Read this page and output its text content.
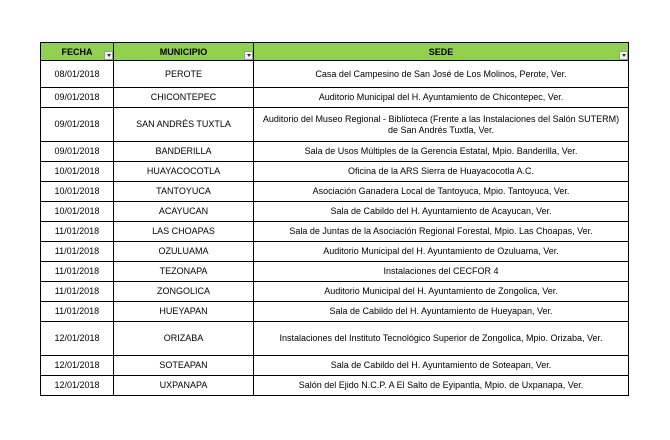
FECHA	MUNICIPIO	SEDE

08/01/2018	PEROTE	Casa del Campesino de San José de Los Molinos, Perote, Ver.
09/01/2018	CHICONTEPEC	Auditorio Municipal del H. Ayuntamiento de Chicontepec, Ver.
09/01/2018	SAN ANDRÉS TUXTLA	Auditorio del Museo Regional - Biblioteca (Frente a las Instalaciones del Salón SUTERM) de San Andrés Tuxtla, Ver.
09/01/2018	BANDERILLA	Sala de Usos Múltiples de la Gerencia Estatal, Mpio. Banderilla, Ver.
10/01/2018	HUAYACOCOTLA	Oficina de la ARS Sierra de Huayacocotla A.C.
10/01/2018	TANTOYUCA	Asociación Ganadera Local de Tantoyuca, Mpio. Tantoyuca, Ver.
10/01/2018	ACAYUCAN	Sala de Cabildo del H. Ayuntamiento de Acayucan, Ver.
11/01/2018	LAS CHOAPAS	Sala de Juntas de la Asociación Regional Forestal, Mpio. Las Choapas, Ver.
11/01/2018	OZULUAMA	Auditorio Municipal del H. Ayuntamiento de Ozuluama, Ver.
11/01/2018	TEZONAPA	Instalaciones del CECFOR 4
11/01/2018	ZONGOLICA	Auditorio Municipal del H. Ayuntamiento de Zongolica, Ver.
11/01/2018	HUEYAPAN	Sala de Cabildo del H. Ayuntamiento de Hueyapan, Ver.
12/01/2018	ORIZABA	Instalaciones del Instituto Tecnológico Superior de Zongolica, Mpio. Orizaba, Ver.
12/01/2018	SOTEAPAN	Sala de Cabildo del H. Ayuntamiento de Soteapan, Ver.
12/01/2018	UXPANAPA	Salón del Ejido N.C.P. A El Salto de Eyipantla, Mpio. de Uxpanapa, Ver.
